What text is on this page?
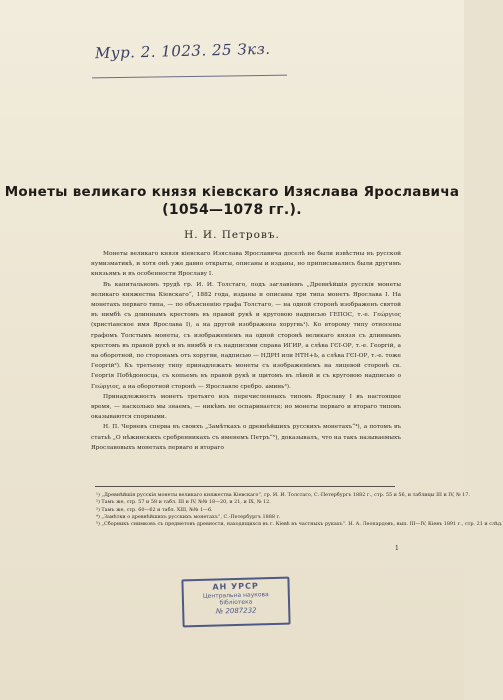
Мур. 2. 1023. 25 Зкз.
Монеты великаго князя кіевскаго Изяслава Ярославича
(1054—1078 гг.).
Н. И. Петровъ.

Монеты великаго князя кіевскаго Изяслава Ярославича доселѣ не были извѣстны въ русской нумизматикѣ, и хотя онѣ уже давно открыты, описаны и изданы, но приписывались были другимъ князьямъ и въ особенности Ярославу I.

Въ капитальномъ трудѣ гр. И. И. Толстаго, подъ заглавіемъ „Древнѣйшія русскія монеты великаго княжества Кіевскаго“, 1882 года, изданы и описаны три типа монетъ Ярослава I. На монетахъ перваго типа, — по объясненію графа Толстаго, — на одной сторонѣ изображенъ святой въ нимбѣ съ длиннымъ крестомъ въ правой рукѣ и круговою надписью ГЕПОС, т.-е. Γεώργιος (христіанское имя Ярослава I), а на другой изображена хоругвь¹). Ко второму типу относены графомъ Толстымъ монеты, съ изображеніемъ на одной сторонѣ великаго князя съ длиннымъ крестомъ въ правой рукѣ и въ нимбѣ и съ надписями справа ИГИР, а слѣва ГЄІ-ОР, т.-е. Георгій, а на оборотной, по сторонамъ отъ хоругви, надписью — НДРН или НТН+Ь, а слѣва ГЄІ-ОР, т.-е. тоже Георгій²). Къ третьему типу принадлежатъ монеты съ изображеніемъ на лицевой сторонѣ св. Георгія Побѣдоносца, съ копьемъ въ правой рукѣ и щитомъ въ лѣвой и съ круговою надписью о Γεώργιος, а на оборотной сторонѣ — Ярославле сребро. аминь³).

Принадлежность монетъ третьяго изъ перечисленныхъ типовъ Ярославу I въ настоящее время, — насколько мы знаемъ, — никѣмъ не оспаривается; но монеты перваго и втораго типовъ оказываются спорными.

Н. П. Черневъ сперва въ своихъ „Замѣткахъ о древнѣйшихъ русскихъ монетахъ“⁴), а потомъ въ статьѣ „О нѣжинскихъ сребренникахъ съ именемъ Петръ“⁵), доказывалъ, что на такъ называемыхъ Ярославовыхъ монетахъ перваго и втораго

¹) „Древнѣйшія русскія монеты великаго княжества Кіевскаго“, гр. И. И. Толстаго, С.-Петербургъ 1882 г., стр. 55 и 56, и таблицы III и IV, № 17.
²) Тамъ же, стр. 57 и 58 и табл. III и IV, №№ 18—20, и 21, и IX, № 12.
³) Тамъ же, стр. 60—62 и табл. XIII, №№ 1—6.
⁴) „Замѣтки о древнѣйшихъ русскихъ монетахъ“, С.-Петербургъ 1888 г.
⁵) „Сборникъ снимковъ съ предметовъ древности, находящихся въ г. Кіевѣ въ частныхъ рукахъ“. Н. А. Леопардовъ, вып. III—IV, Кіевъ 1891 г., стр. 21 и слѣд.
1
АН УРСР
Центральна наукова
бібліотека
№ 2087232
